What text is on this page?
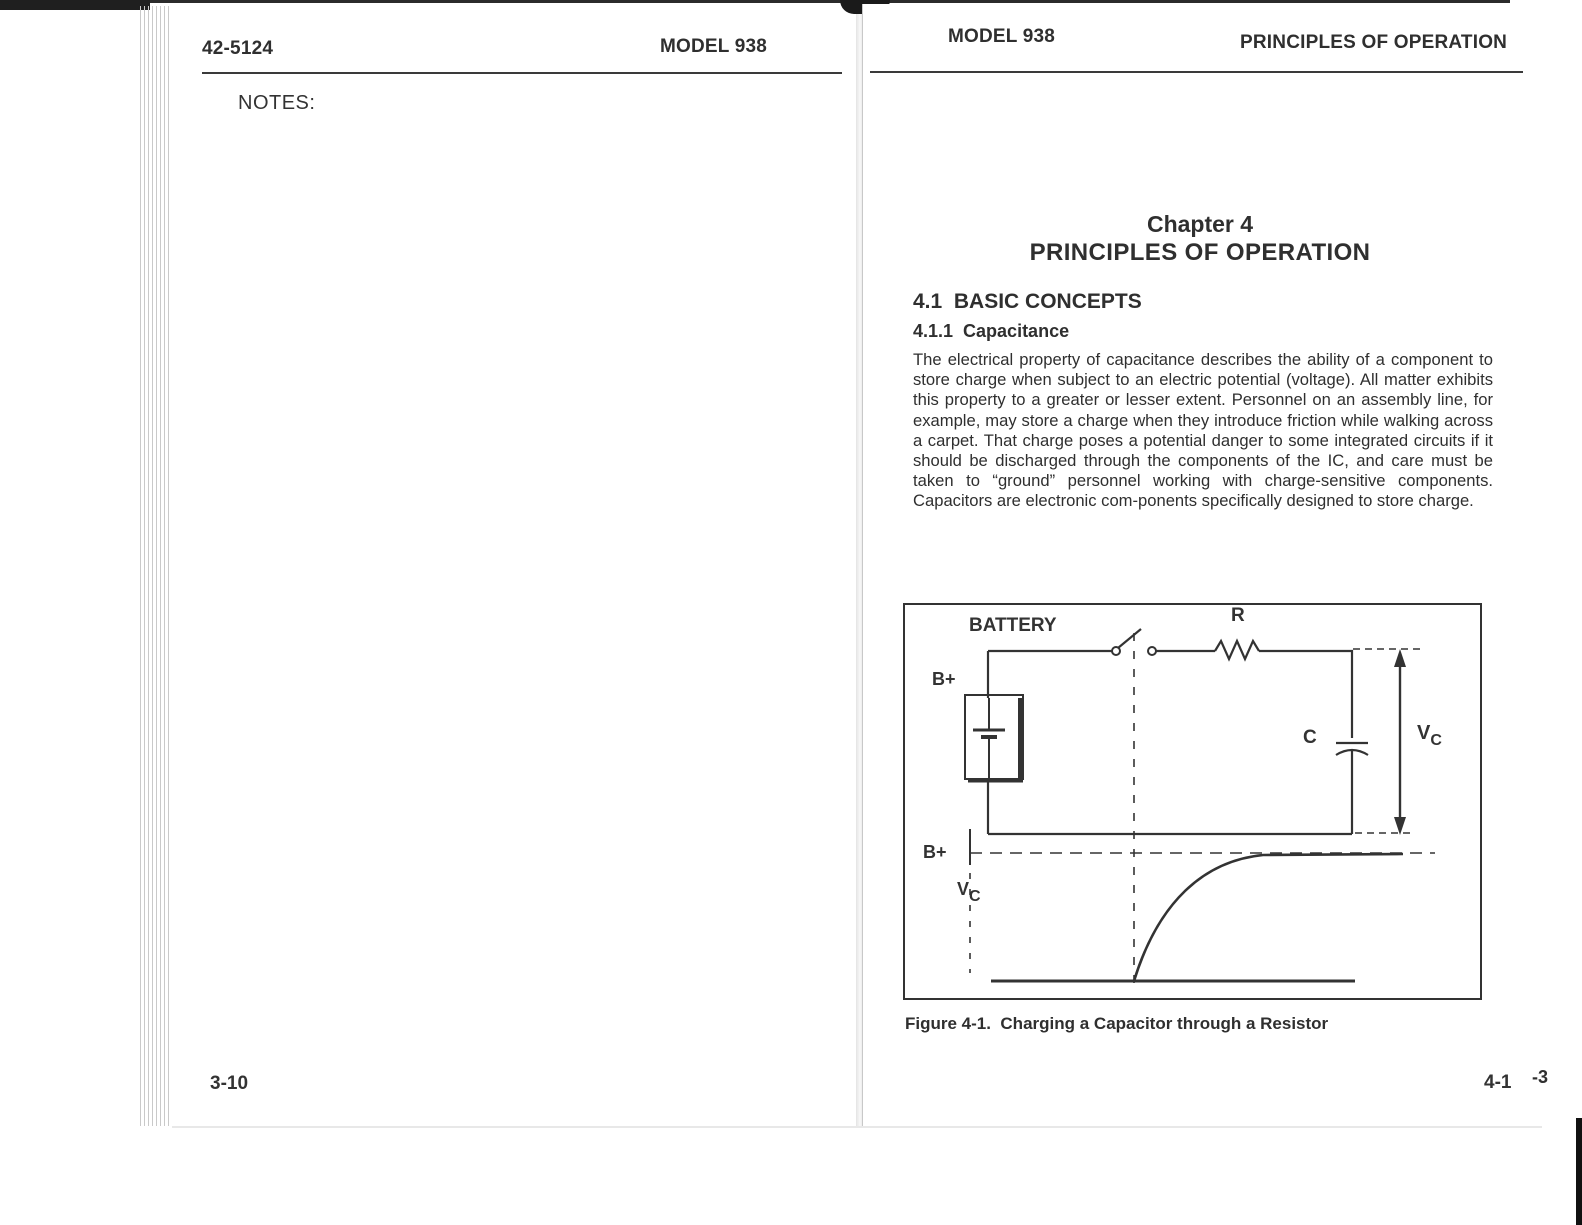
42-5124	MODEL 938
NOTES:
3-10
MODEL 938	PRINCIPLES OF OPERATION
Chapter 4
PRINCIPLES OF OPERATION
4.1  BASIC CONCEPTS
4.1.1  Capacitance
The electrical property of capacitance describes the ability of a component to store charge when subject to an electric potential (voltage). All matter exhibits this property to a greater or lesser extent. Personnel on an assembly line, for example, may store a charge when they introduce friction while walking across a carpet. That charge poses a potential danger to some integrated circuits if it should be discharged through the components of the IC, and care must be taken to “ground” personnel working with charge-sensitive components. Capacitors are electronic com-ponents specifically designed to store charge.
BATTERY	R
B+
C	$V_C$
B+
VC
Figure 4-1.  Charging a Capacitor through a Resistor
4-1 -3
